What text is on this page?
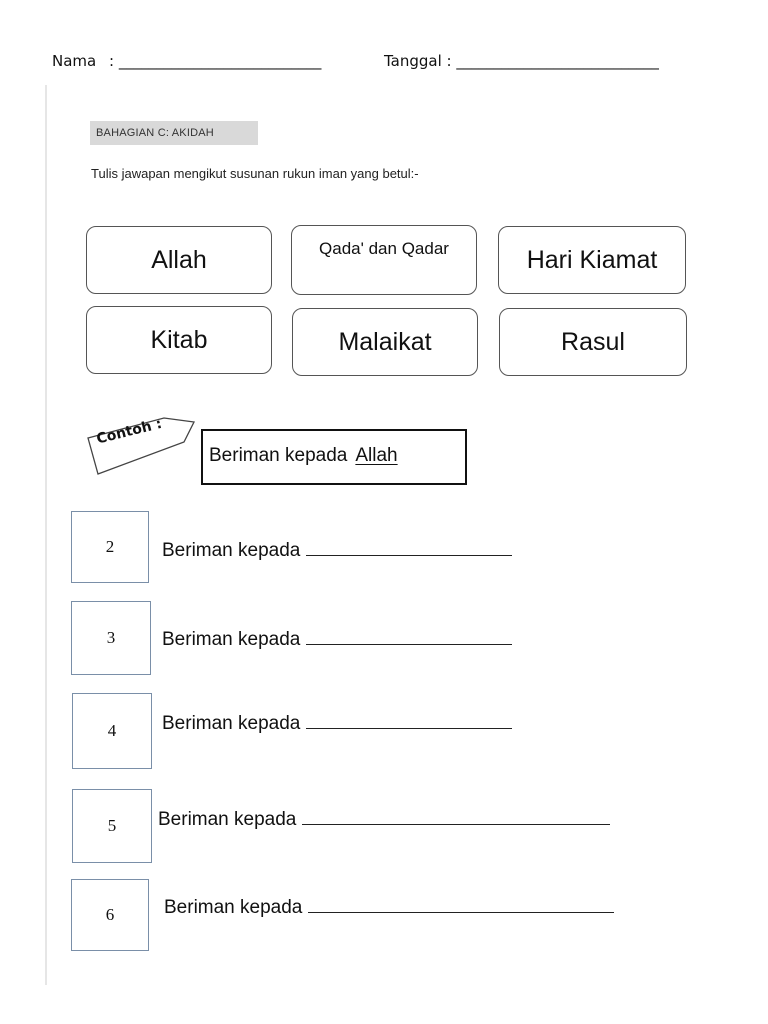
Nama : ___________________________	Tanggal : ___________________________
BAHAGIAN C: AKIDAH
Tulis jawapan mengikut susunan rukun iman yang betul:-
Allah	Qada' dan Qadar	Hari Kiamat
Kitab	Malaikat	Rasul
Contoh :
Beriman kepada Allah
2	Beriman kepada
3	Beriman kepada
4	Beriman kepada
5	Beriman kepada
6	Beriman kepada
